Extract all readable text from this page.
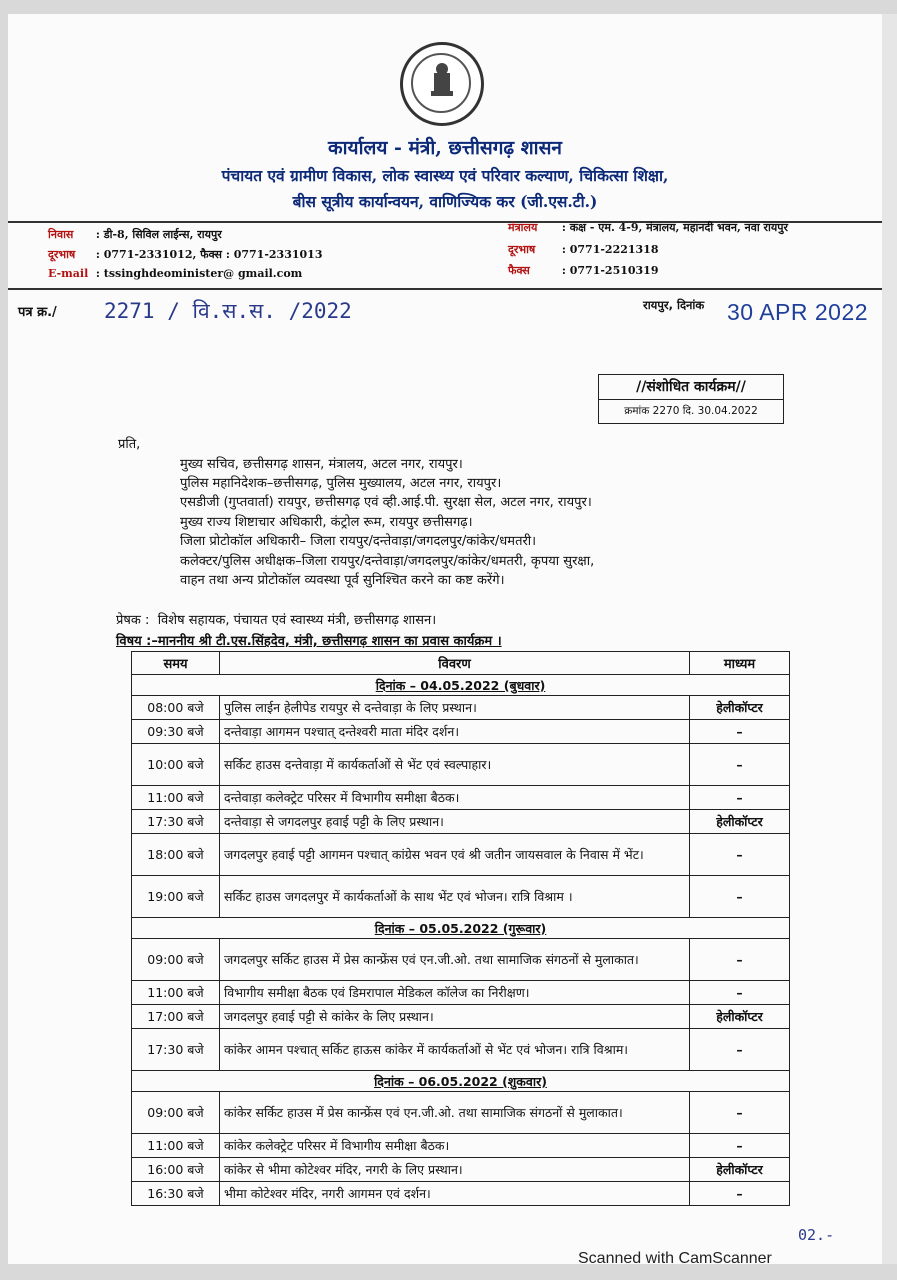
कार्यालय - मंत्री, छत्तीसगढ़ शासन
पंचायत एवं ग्रामीण विकास, लोक स्वास्थ्य एवं परिवार कल्याण, चिकित्सा शिक्षा,
बीस सूत्रीय कार्यान्वयन, वाणिज्यिक कर (जी.एस.टी.)
निवास : डी-8, सिविल लाईन्स, रायपुर
दूरभाष : 0771-2331012, फैक्स : 0771-2331013
E-mail : tssinghdeominister@ gmail.com
मंत्रालय : कक्ष - एम. 4-9, मंत्रालय, महानदी भवन, नवा रायपुर
दूरभाष : 0771-2221318
फैक्स	: 0771-2510319
पत्र क्र./ 2271 / वि.स.स. /2022	रायपुर, दिनांक 30 APR 2022
//संशोधित कार्यक्रम//
क्रमांक 2270 दि. 30.04.2022
प्रति,
मुख्य सचिव, छत्तीसगढ़ शासन, मंत्रालय, अटल नगर, रायपुर।
पुलिस महानिदेशक–छत्तीसगढ़, पुलिस मुख्यालय, अटल नगर, रायपुर।
एसडीजी (गुप्तवार्ता) रायपुर, छत्तीसगढ़ एवं व्ही.आई.पी. सुरक्षा सेल, अटल नगर, रायपुर।
मुख्य राज्य शिष्टाचार अधिकारी, कंट्रोल रूम, रायपुर छत्तीसगढ़।
जिला प्रोटोकॉल अधिकारी– जिला रायपुर/दन्तेवाड़ा/जगदलपुर/कांकेर/धमतरी।
कलेक्टर/पुलिस अधीक्षक–जिला रायपुर/दन्तेवाड़ा/जगदलपुर/कांकेर/धमतरी, कृपया सुरक्षा,
वाहन तथा अन्य प्रोटोकॉल व्यवस्था पूर्व सुनिश्चित करने का कष्ट करेंगे।
प्रेषक :  विशेष सहायक, पंचायत एवं स्वास्थ्य मंत्री, छत्तीसगढ़ शासन।
विषय :–माननीय श्री टी.एस.सिंहदेव, मंत्री, छत्तीसगढ़ शासन का प्रवास कार्यक्रम ।
समय	विवरण	माध्यम
दिनांक – 04.05.2022 (बुधवार)		
08:00 बजे	पुलिस लाईन हेलीपेड रायपुर से दन्तेवाड़ा के लिए प्रस्थान।	हेलीकॉप्टर
09:30 बजे	दन्तेवाड़ा आगमन पश्चात् दन्तेश्वरी माता मंदिर दर्शन।	–
10:00 बजे	सर्किट हाउस दन्तेवाड़ा में कार्यकर्ताओं से भेंट एवं स्वल्पाहार।	–
11:00 बजे	दन्तेवाड़ा कलेक्ट्रेट परिसर में विभागीय समीक्षा बैठक।	–
17:30 बजे	दन्तेवाड़ा से जगदलपुर हवाई पट्टी के लिए प्रस्थान।	हेलीकॉप्टर
18:00 बजे	जगदलपुर हवाई पट्टी आगमन पश्चात् कांग्रेस भवन एवं श्री जतीन जायसवाल के निवास में भेंट।	–
19:00 बजे	सर्किट हाउस जगदलपुर में कार्यकर्ताओं के साथ भेंट एवं भोजन। रात्रि विश्राम ।	–
दिनांक – 05.05.2022 (गुरूवार)		
09:00 बजे	जगदलपुर सर्किट हाउस में प्रेस कान्फ्रेंस एवं एन.जी.ओ. तथा सामाजिक संगठनों से मुलाकात।	–
11:00 बजे	विभागीय समीक्षा बैठक एवं डिमरापाल मेडिकल कॉलेज का निरीक्षण।	–
17:00 बजे	जगदलपुर हवाई पट्टी से कांकेर के लिए प्रस्थान।	हेलीकॉप्टर
17:30 बजे	कांकेर आमन पश्चात् सर्किट हाऊस कांकेर में कार्यकर्ताओं से भेंट एवं भोजन। रात्रि विश्राम।	–
दिनांक – 06.05.2022 (शुकवार)		
09:00 बजे	कांकेर सर्किट हाउस में प्रेस कान्फ्रेंस एवं एन.जी.ओ. तथा सामाजिक संगठनों से मुलाकात।	–
11:00 बजे	कांकेर कलेक्ट्रेट परिसर में विभागीय समीक्षा बैठक।	–
16:00 बजे	कांकेर से भीमा कोटेश्वर मंदिर, नगरी के लिए प्रस्थान।	हेलीकॉप्टर
16:30 बजे	भीमा कोटेश्वर मंदिर, नगरी आगमन एवं दर्शन।	–
02.-
Scanned with CamScanner
